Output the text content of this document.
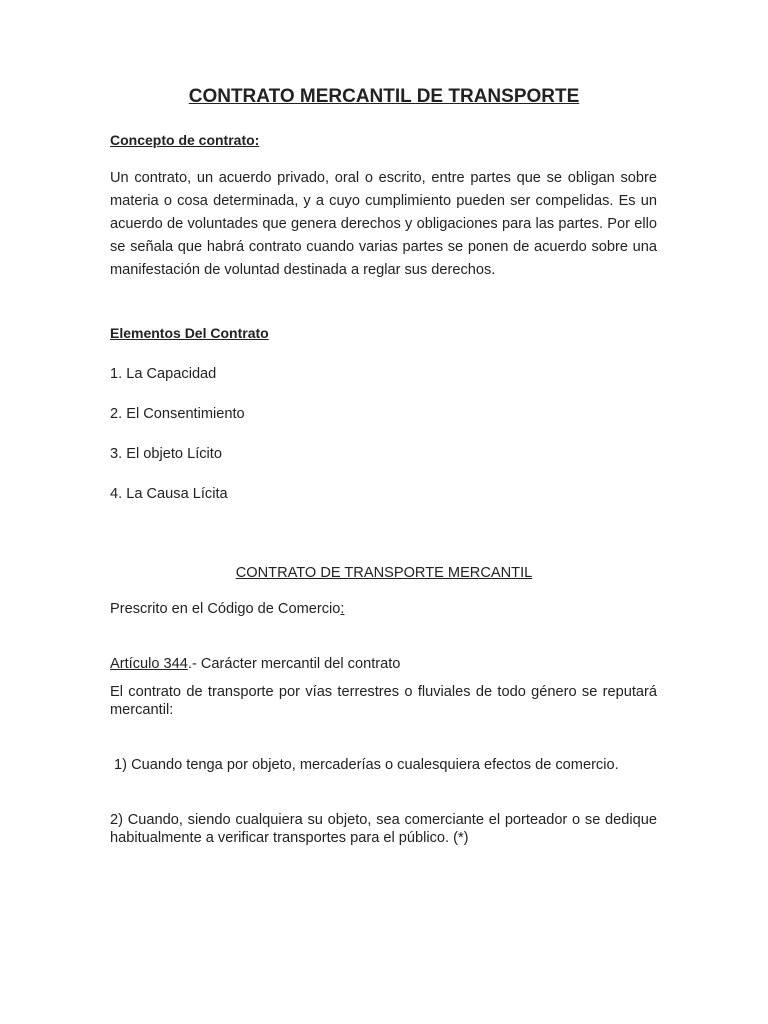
CONTRATO MERCANTIL DE TRANSPORTE
Concepto de contrato:

Un contrato, un acuerdo privado, oral o escrito, entre partes que se obligan sobre materia o cosa determinada, y a cuyo cumplimiento pueden ser compelidas. Es un acuerdo de voluntades que genera derechos y obligaciones para las partes. Por ello se señala que habrá contrato cuando varias partes se ponen de acuerdo sobre una manifestación de voluntad destinada a reglar sus derechos.

Elementos Del Contrato
1. La Capacidad
2. El Consentimiento
3. El objeto Lícito
4. La Causa Lícita
CONTRATO DE TRANSPORTE MERCANTIL
Prescrito en el Código de Comercio:
Artículo 344.- Carácter mercantil del contrato

El contrato de transporte por vías terrestres o fluviales de todo género se reputará mercantil:

1) Cuando tenga por objeto, mercaderías o cualesquiera efectos de comercio.

2) Cuando, siendo cualquiera su objeto, sea comerciante el porteador o se dedique habitualmente a verificar transportes para el público. (*)
